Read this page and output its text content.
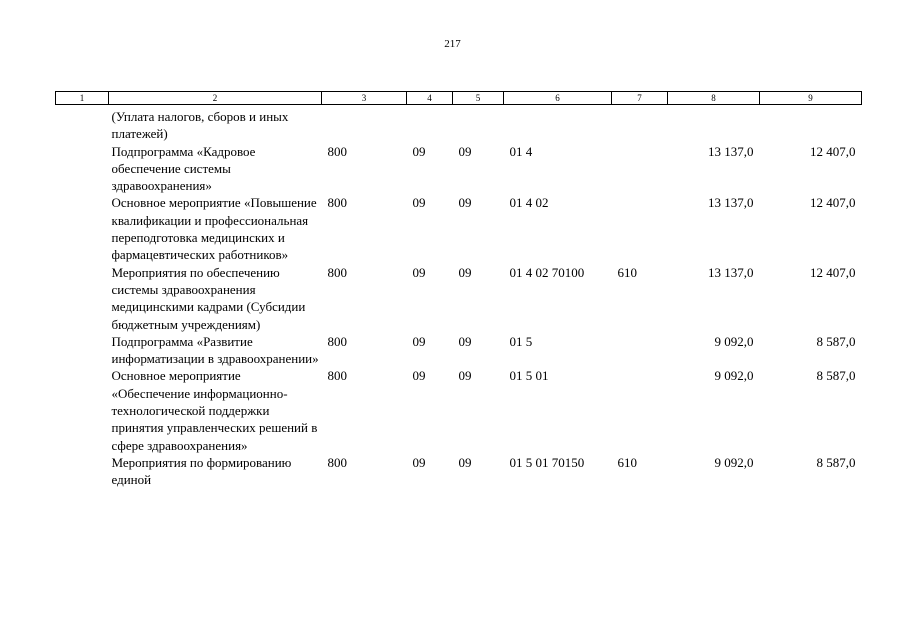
217
1	2	3	4	5	6	7	8	9
	(Уплата налогов, сборов и иных платежей)							
	Подпрограмма «Кадровое обеспечение системы здравоохранения»	800	09	09	01 4		13 137,0	12 407,0
	Основное мероприятие «Повышение квалификации и профессиональная переподготовка медицинских и фармацевтических работников»	800	09	09	01 4 02		13 137,0	12 407,0
	Мероприятия по обеспечению системы здравоохранения медицинскими кадрами (Субсидии бюджетным учреждениям)	800	09	09	01 4 02 70100	610	13 137,0	12 407,0
	Подпрограмма «Развитие информатизации в здравоохранении»	800	09	09	01 5		9 092,0	8 587,0
	Основное мероприятие «Обеспечение информационно-технологической поддержки принятия управленческих решений в сфере здравоохранения»	800	09	09	01 5 01		9 092,0	8 587,0
	Мероприятия по формированию единой	800	09	09	01 5 01 70150	610	9 092,0	8 587,0
